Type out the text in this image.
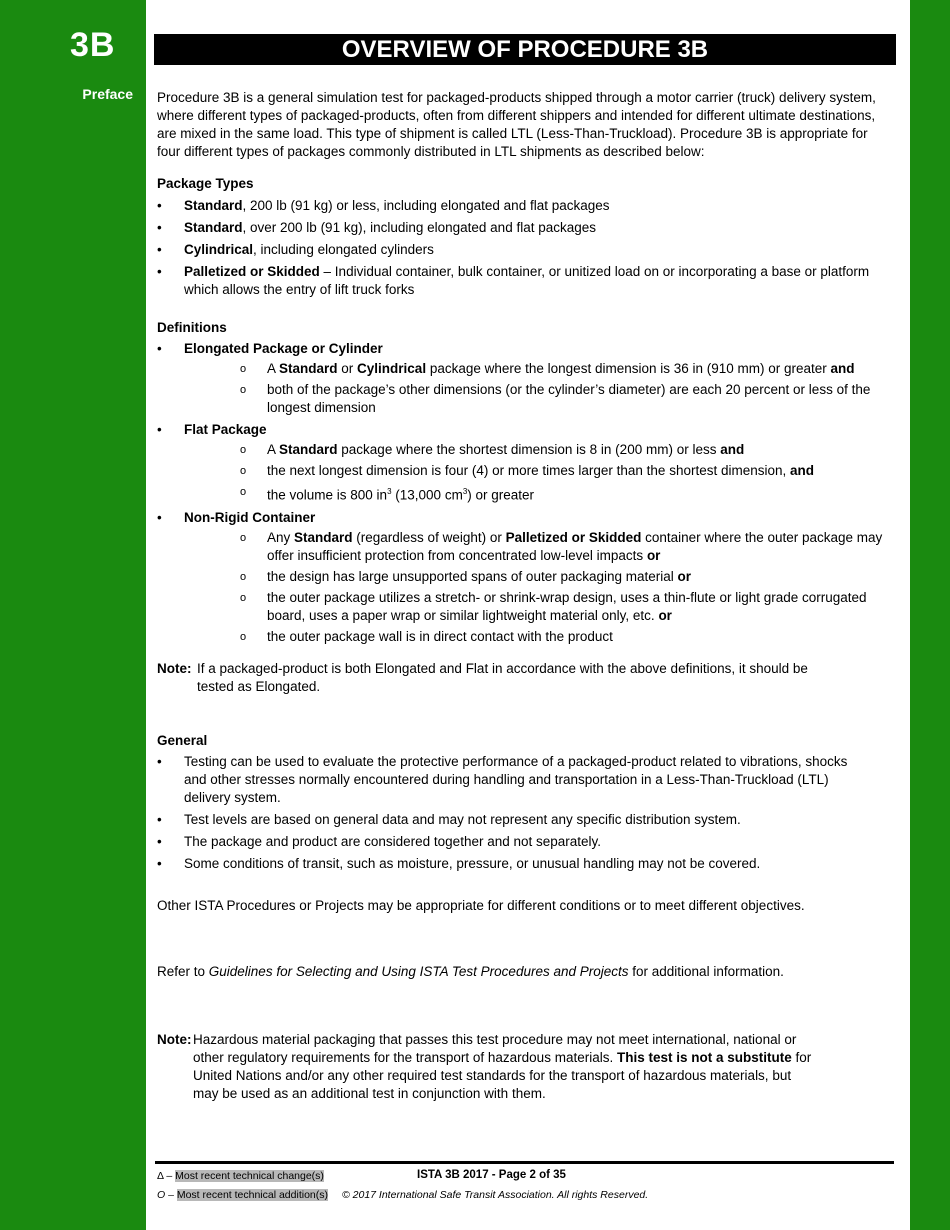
3B
Preface
OVERVIEW OF PROCEDURE 3B

Procedure 3B is a general simulation test for packaged-products shipped through a motor carrier (truck) delivery system, where different types of packaged-products, often from different shippers and intended for different ultimate destinations, are mixed in the same load. This type of shipment is called LTL (Less-Than-Truckload). Procedure 3B is appropriate for four different types of packages commonly distributed in LTL shipments as described below:

Package Types

• Standard, 200 lb (91 kg) or less, including elongated and flat packages
• Standard, over 200 lb (91 kg), including elongated and flat packages
• Cylindrical, including elongated cylinders
• Palletized or Skidded – Individual container, bulk container, or unitized load on or incorporating a base or platform which allows the entry of lift truck forks

Definitions

• Elongated Package or Cylinder
o A Standard or Cylindrical package where the longest dimension is 36 in (910 mm) or greater and
o both of the package’s other dimensions (or the cylinder’s diameter) are each 20 percent or less of the longest dimension
• Flat Package
o A Standard package where the shortest dimension is 8 in (200 mm) or less and
o the next longest dimension is four (4) or more times larger than the shortest dimension, and
o the volume is 800 $in^3$ (13,000 $cm^3$) or greater
• Non-Rigid Container
o Any Standard (regardless of weight) or Palletized or Skidded container where the outer package may offer insufficient protection from concentrated low-level impacts or
o the design has large unsupported spans of outer packaging material or
o the outer package utilizes a stretch- or shrink-wrap design, uses a thin-flute or light grade corrugated board, uses a paper wrap or similar lightweight material only, etc. or
o the outer package wall is in direct contact with the product
Note: If a packaged-product is both Elongated and Flat in accordance with the above definitions, it should be tested as Elongated.

General

• Testing can be used to evaluate the protective performance of a packaged-product related to vibrations, shocks and other stresses normally encountered during handling and transportation in a Less-Than-Truckload (LTL) delivery system.
• Test levels are based on general data and may not represent any specific distribution system.
• The package and product are considered together and not separately.
• Some conditions of transit, such as moisture, pressure, or unusual handling may not be covered.

Other ISTA Procedures or Projects may be appropriate for different conditions or to meet different objectives.

Refer to Guidelines for Selecting and Using ISTA Test Procedures and Projects for additional information.

Note: Hazardous material packaging that passes this test procedure may not meet international, national or other regulatory requirements for the transport of hazardous materials. This test is not a substitute for United Nations and/or any other required test standards for the transport of hazardous materials, but may be used as an additional test in conjunction with them.
Δ – Most recent technical change(s)	ISTA 3B 2017 - Page 2 of 35
O – Most recent technical addition(s) © 2017 International Safe Transit Association. All rights Reserved.
